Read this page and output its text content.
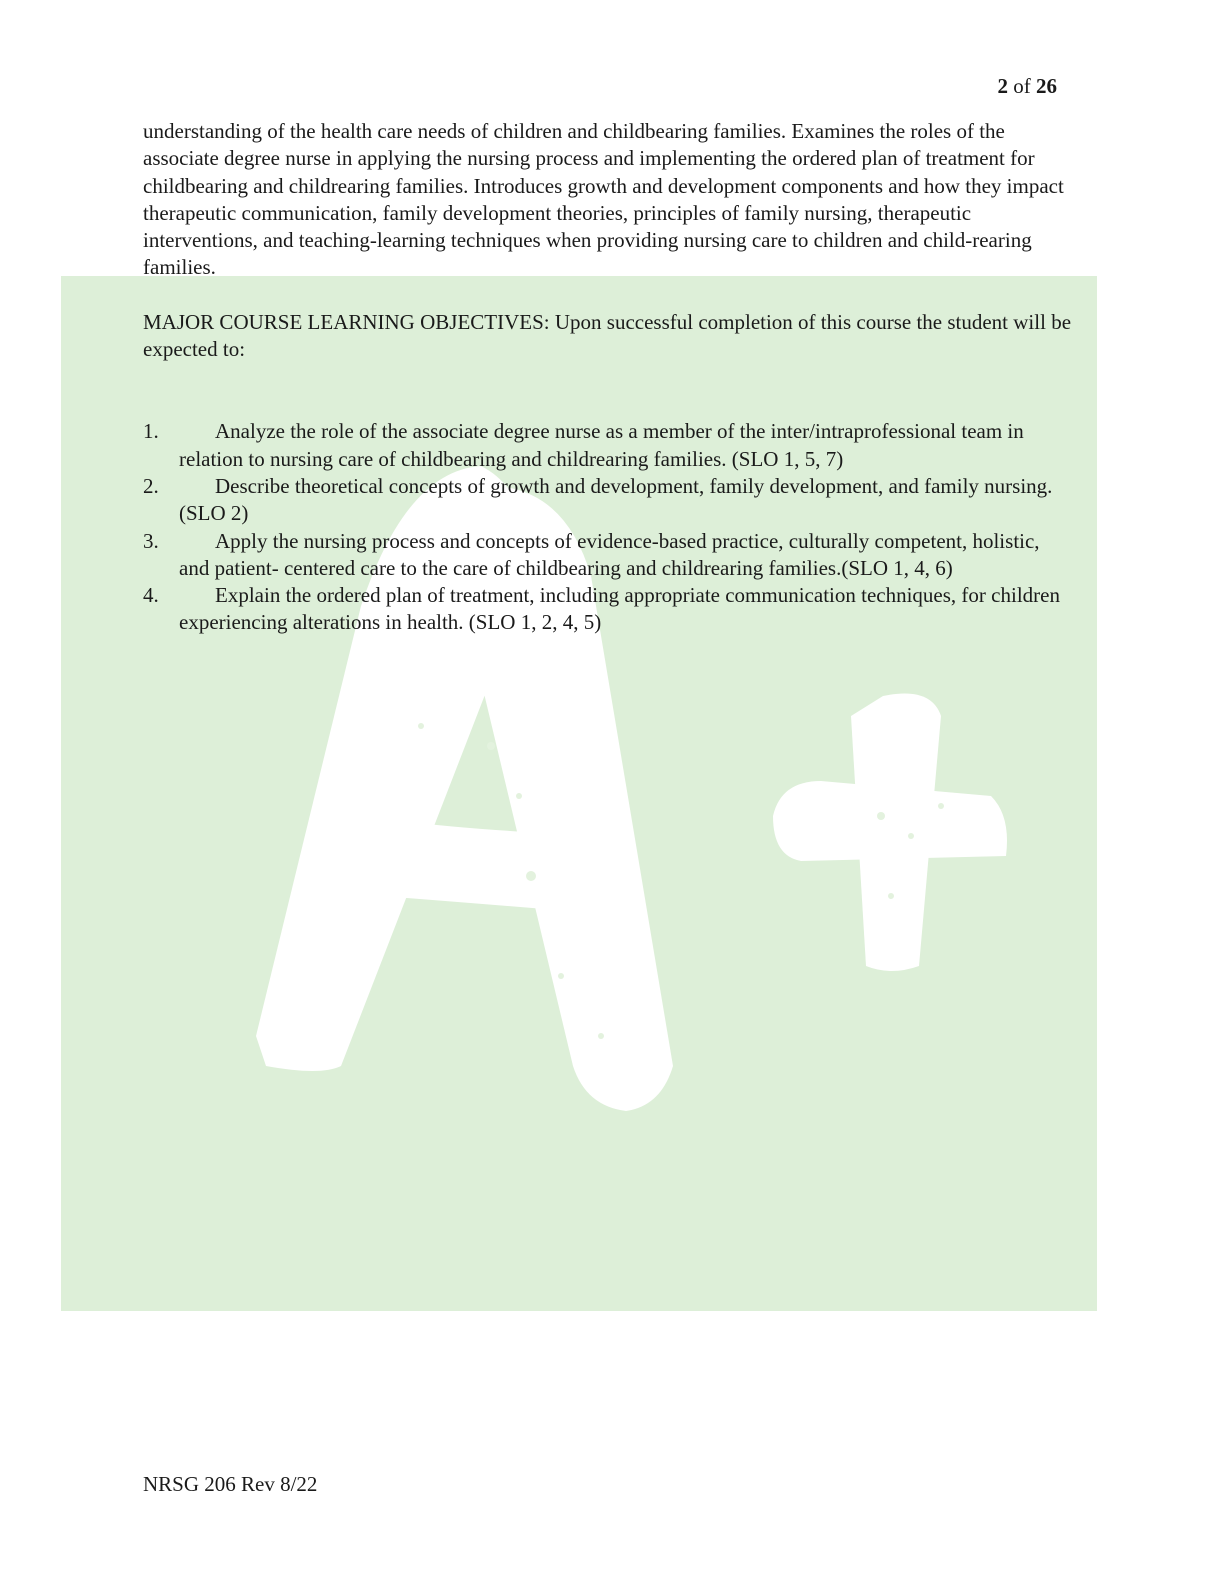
2 of 26

understanding of the health care needs of children and childbearing families. Examines the roles of the associate degree nurse in applying the nursing process and implementing the ordered plan of treatment for childbearing and childrearing families. Introduces growth and development components and how they impact therapeutic communication, family development theories, principles of family nursing, therapeutic interventions, and teaching-learning techniques when providing nursing care to children and child-rearing families.

MAJOR COURSE LEARNING OBJECTIVES: Upon successful completion of this course the student will be expected to:

1.	Analyze the role of the associate degree nurse as a member of the inter/intraprofessional team in relation to nursing care of childbearing and childrearing families. (SLO 1, 5, 7)
2.	Describe theoretical concepts of growth and development, family development, and family nursing. (SLO 2)
3.	Apply the nursing process and concepts of evidence-based practice, culturally competent, holistic, and patient- centered care to the care of childbearing and childrearing families.(SLO 1, 4, 6)
4.	Explain the ordered plan of treatment, including appropriate communication techniques, for children experiencing alterations in health. (SLO 1, 2, 4, 5)
NRSG 206 Rev 8/22
